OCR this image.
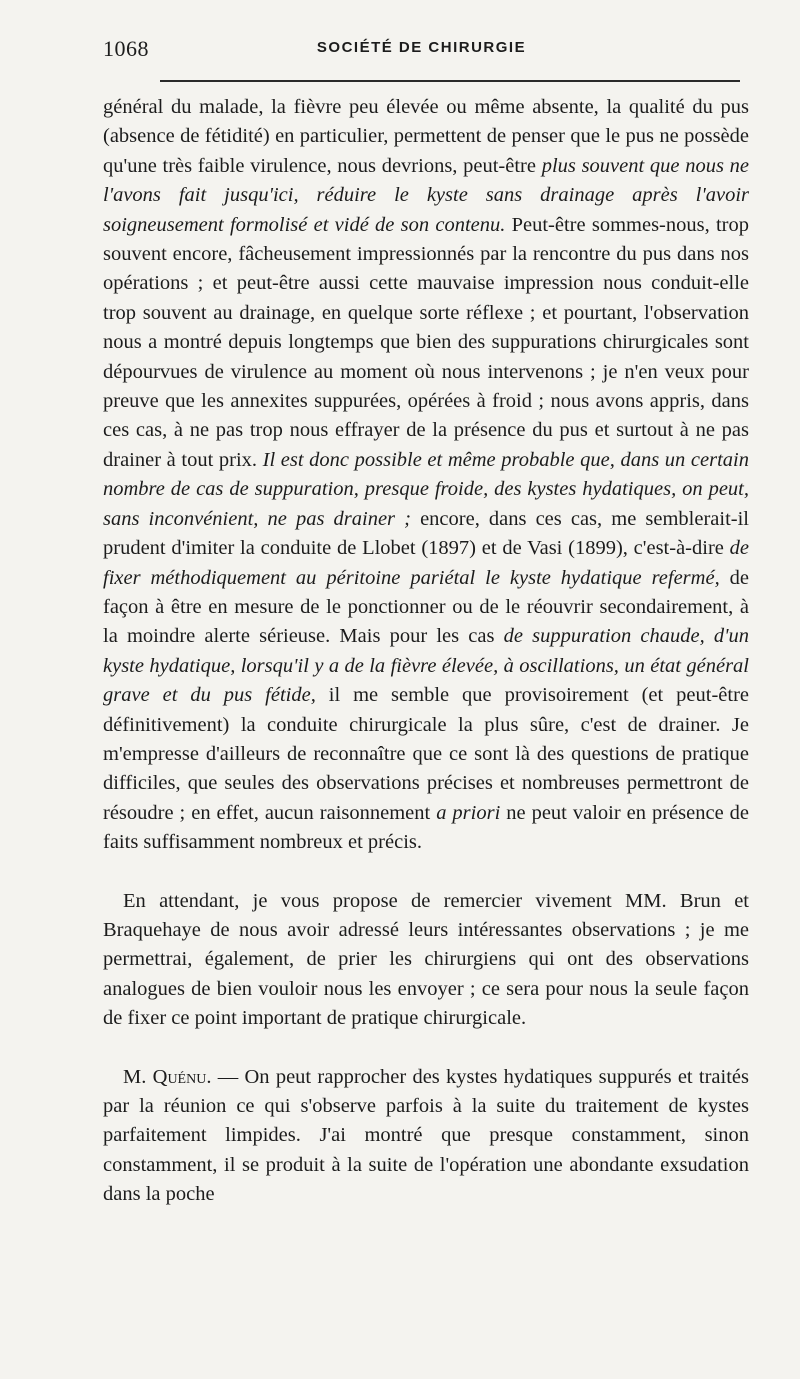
1068	SOCIÉTÉ DE CHIRURGIE

général du malade, la fièvre peu élevée ou même absente, la qualité du pus (absence de fétidité) en particulier, permettent de penser que le pus ne possède qu'une très faible virulence, nous devrions, peut-être plus souvent que nous ne l'avons fait jusqu'ici, réduire le kyste sans drainage après l'avoir soigneusement formolisé et vidé de son contenu. Peut-être sommes-nous, trop souvent encore, fâcheusement impressionnés par la rencontre du pus dans nos opérations ; et peut-être aussi cette mauvaise impression nous conduit-elle trop souvent au drainage, en quelque sorte réflexe ; et pourtant, l'observation nous a montré depuis longtemps que bien des suppurations chirurgicales sont dépourvues de virulence au moment où nous intervenons ; je n'en veux pour preuve que les annexites suppurées, opérées à froid ; nous avons appris, dans ces cas, à ne pas trop nous effrayer de la présence du pus et surtout à ne pas drainer à tout prix. Il est donc possible et même probable que, dans un certain nombre de cas de suppuration, presque froide, des kystes hydatiques, on peut, sans inconvénient, ne pas drainer ; encore, dans ces cas, me semblerait-il prudent d'imiter la conduite de Llobet (1897) et de Vasi (1899), c'est-à-dire de fixer méthodiquement au péritoine pariétal le kyste hydatique refermé, de façon à être en mesure de le ponctionner ou de le réouvrir secondairement, à la moindre alerte sérieuse. Mais pour les cas de suppuration chaude, d'un kyste hydatique, lorsqu'il y a de la fièvre élevée, à oscillations, un état général grave et du pus fétide, il me semble que provisoirement (et peut-être définitivement) la conduite chirurgicale la plus sûre, c'est de drainer. Je m'empresse d'ailleurs de reconnaître que ce sont là des questions de pratique difficiles, que seules des observations précises et nombreuses permettront de résoudre ; en effet, aucun raisonnement a priori ne peut valoir en présence de faits suffisamment nombreux et précis.

En attendant, je vous propose de remercier vivement MM. Brun et Braquehaye de nous avoir adressé leurs intéressantes observations ; je me permettrai, également, de prier les chirurgiens qui ont des observations analogues de bien vouloir nous les envoyer ; ce sera pour nous la seule façon de fixer ce point important de pratique chirurgicale.

M. Quénu. — On peut rapprocher des kystes hydatiques suppurés et traités par la réunion ce qui s'observe parfois à la suite du traitement de kystes parfaitement limpides. J'ai montré que presque constamment, sinon constamment, il se produit à la suite de l'opération une abondante exsudation dans la poche
